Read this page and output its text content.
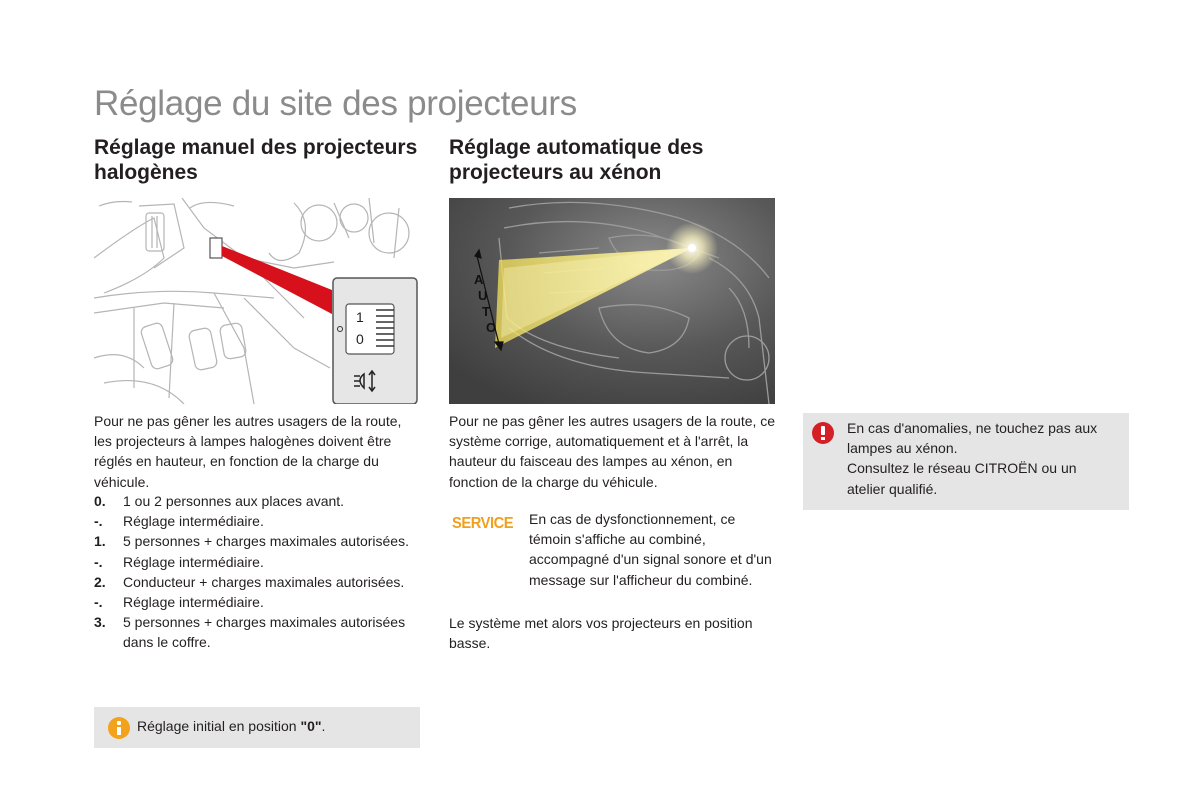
Réglage du site des projecteurs
Réglage manuel des projecteurs halogènes
1
0

Pour ne pas gêner les autres usagers de la route, les projecteurs à lampes halogènes doivent être réglés en hauteur, en fonction de la charge du véhicule.

0.	1 ou 2 personnes aux places avant.
-.	Réglage intermédiaire.
1.	5 personnes + charges maximales autorisées.
-.	Réglage intermédiaire.
2.	Conducteur + charges maximales autorisées.
-.	Réglage intermédiaire.
3.	5 personnes + charges maximales autorisées dans le coffre.
Réglage initial en position "0".
Réglage automatique des projecteurs au xénon
A
U
T
O

Pour ne pas gêner les autres usagers de la route, ce système corrige, automatiquement et à l'arrêt, la hauteur du faisceau des lampes au xénon, en fonction de la charge du véhicule.

SERVICE En cas de dysfonctionnement, ce témoin s'affiche au combiné, accompagné d'un signal sonore et d'un message sur l'afficheur du combiné.

Le système met alors vos projecteurs en position basse.

En cas d'anomalies, ne touchez pas aux lampes au xénon.
Consultez le réseau CITROËN ou un atelier qualifié.
